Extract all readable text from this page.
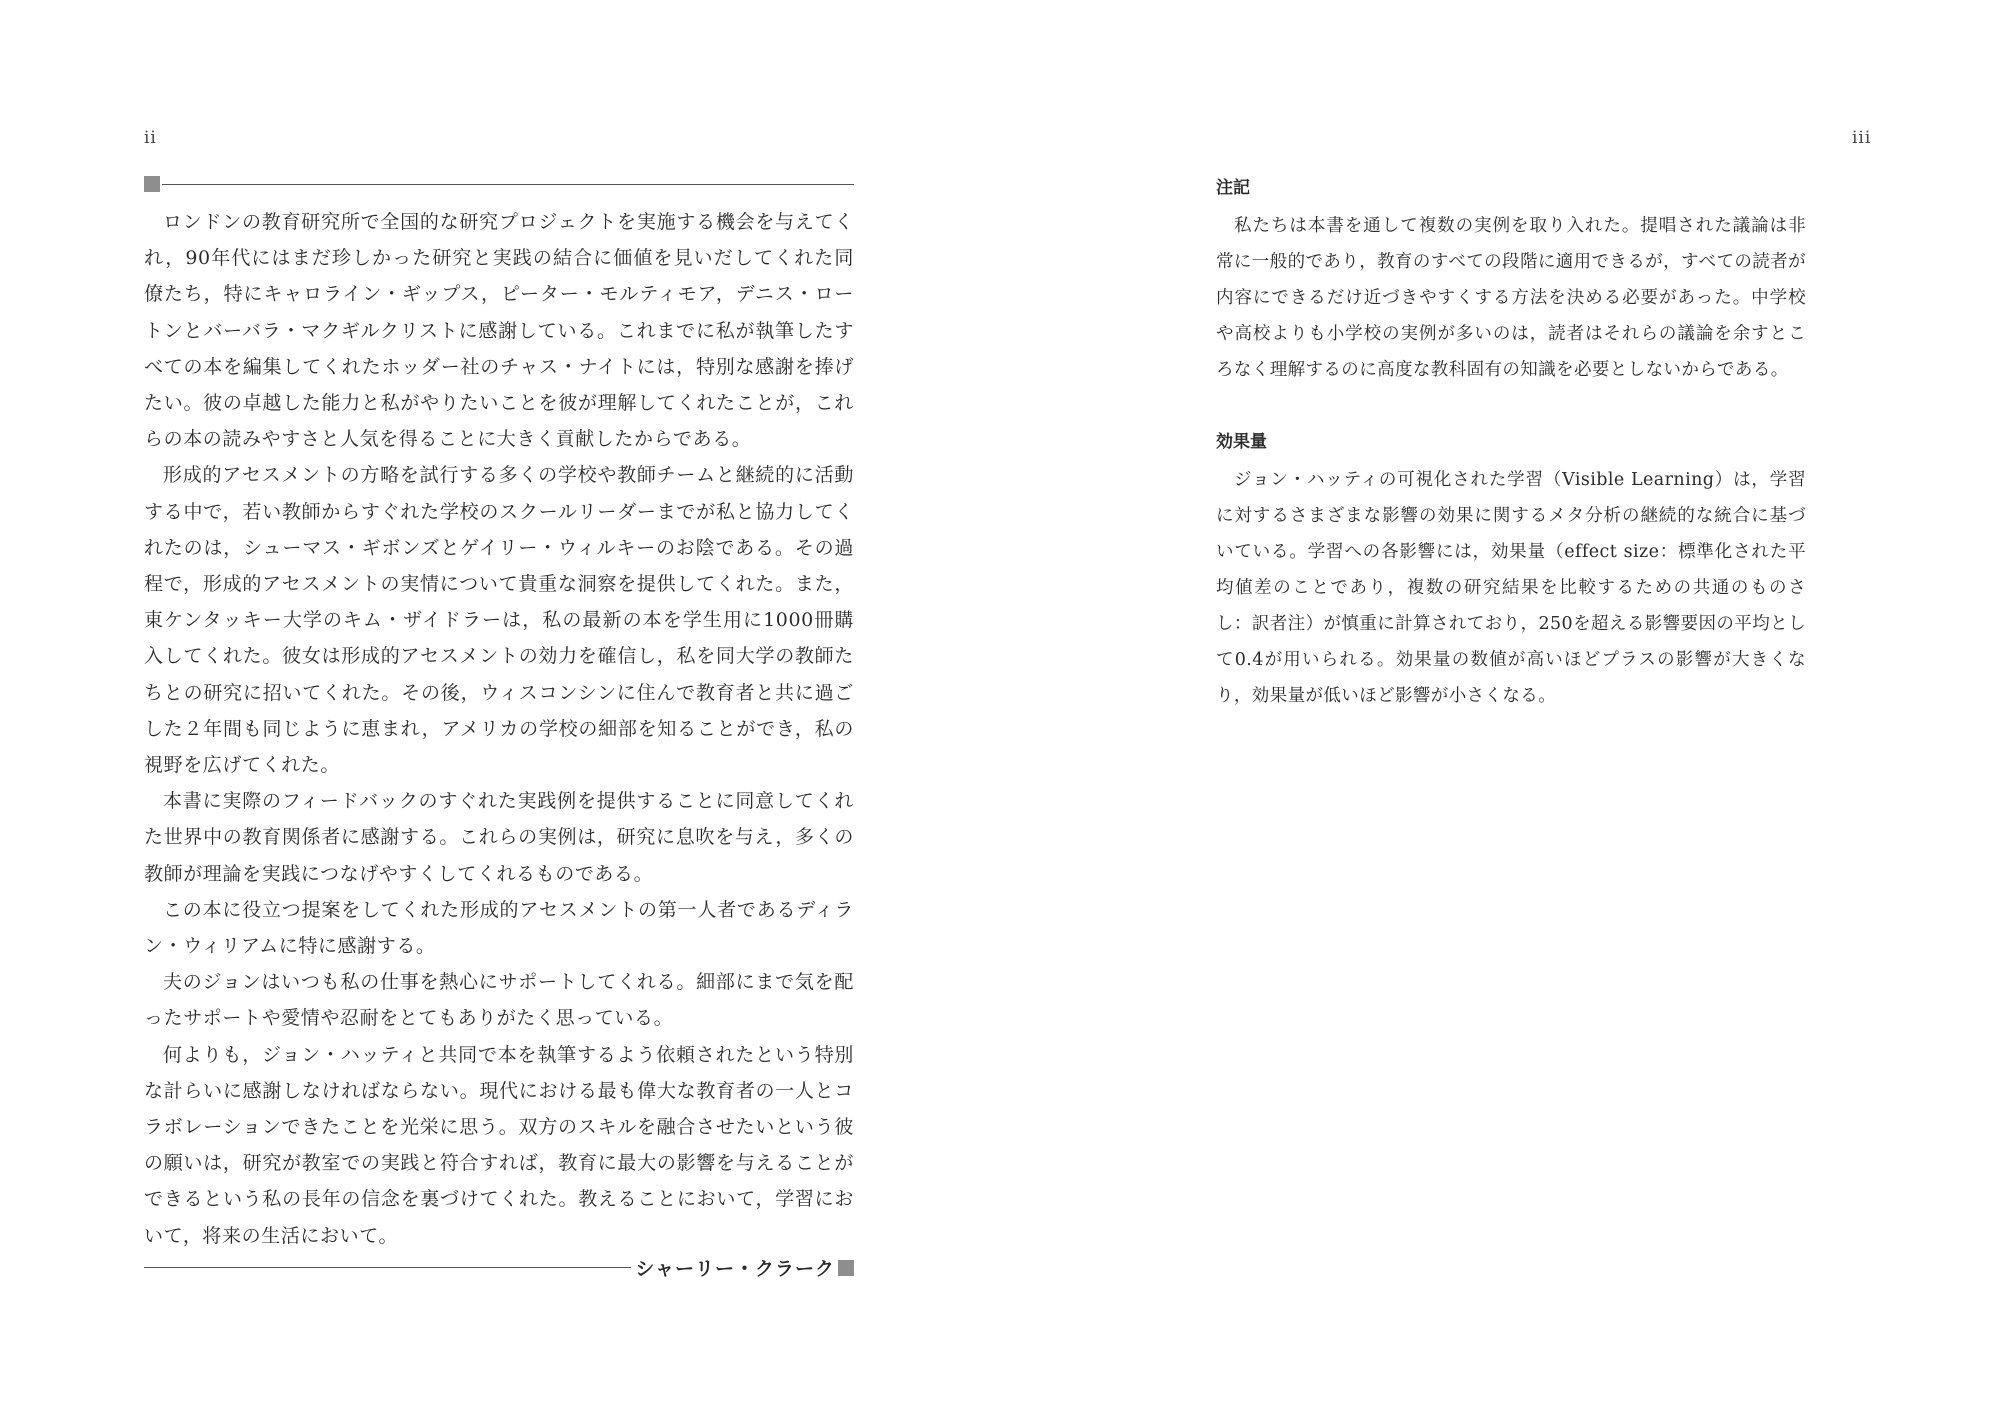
ii	iii

ロンドンの教育研究所で全国的な研究プロジェクトを実施する機会を与えてくれ，90年代にはまだ珍しかった研究と実践の結合に価値を見いだしてくれた同僚たち，特にキャロライン・ギップス，ピーター・モルティモア，デニス・ロートンとバーバラ・マクギルクリストに感謝している。これまでに私が執筆したすべての本を編集してくれたホッダー社のチャス・ナイトには，特別な感謝を捧げたい。彼の卓越した能力と私がやりたいことを彼が理解してくれたことが，これらの本の読みやすさと人気を得ることに大きく貢献したからである。

形成的アセスメントの方略を試行する多くの学校や教師チームと継続的に活動する中で，若い教師からすぐれた学校のスクールリーダーまでが私と協力してくれたのは，シューマス・ギボンズとゲイリー・ウィルキーのお陰である。その過程で，形成的アセスメントの実情について貴重な洞察を提供してくれた。また，東ケンタッキー大学のキム・ザイドラーは，私の最新の本を学生用に1000冊購入してくれた。彼女は形成的アセスメントの効力を確信し，私を同大学の教師たちとの研究に招いてくれた。その後，ウィスコンシンに住んで教育者と共に過ごした２年間も同じように恵まれ，アメリカの学校の細部を知ることができ，私の視野を広げてくれた。

本書に実際のフィードバックのすぐれた実践例を提供することに同意してくれた世界中の教育関係者に感謝する。これらの実例は，研究に息吹を与え，多くの教師が理論を実践につなげやすくしてくれるものである。

この本に役立つ提案をしてくれた形成的アセスメントの第一人者であるディラン・ウィリアムに特に感謝する。

夫のジョンはいつも私の仕事を熱心にサポートしてくれる。細部にまで気を配ったサポートや愛情や忍耐をとてもありがたく思っている。

何よりも，ジョン・ハッティと共同で本を執筆するよう依頼されたという特別な計らいに感謝しなければならない。現代における最も偉大な教育者の一人とコラボレーションできたことを光栄に思う。双方のスキルを融合させたいという彼の願いは，研究が教室での実践と符合すれば，教育に最大の影響を与えることができるという私の長年の信念を裏づけてくれた。教えることにおいて，学習において，将来の生活において。

シャーリー・クラーク
注記

私たちは本書を通して複数の実例を取り入れた。提唱された議論は非常に一般的であり，教育のすべての段階に適用できるが，すべての読者が内容にできるだけ近づきやすくする方法を決める必要があった。中学校や高校よりも小学校の実例が多いのは，読者はそれらの議論を余すところなく理解するのに高度な教科固有の知識を必要としないからである。

効果量

ジョン・ハッティの可視化された学習（Visible Learning）は，学習に対するさまざまな影響の効果に関するメタ分析の継続的な統合に基づいている。学習への各影響には，効果量（effect size：標準化された平均値差のことであり，複数の研究結果を比較するための共通のものさし：訳者注）が慎重に計算されており，250を超える影響要因の平均として0.4が用いられる。効果量の数値が高いほどプラスの影響が大きくなり，効果量が低いほど影響が小さくなる。
